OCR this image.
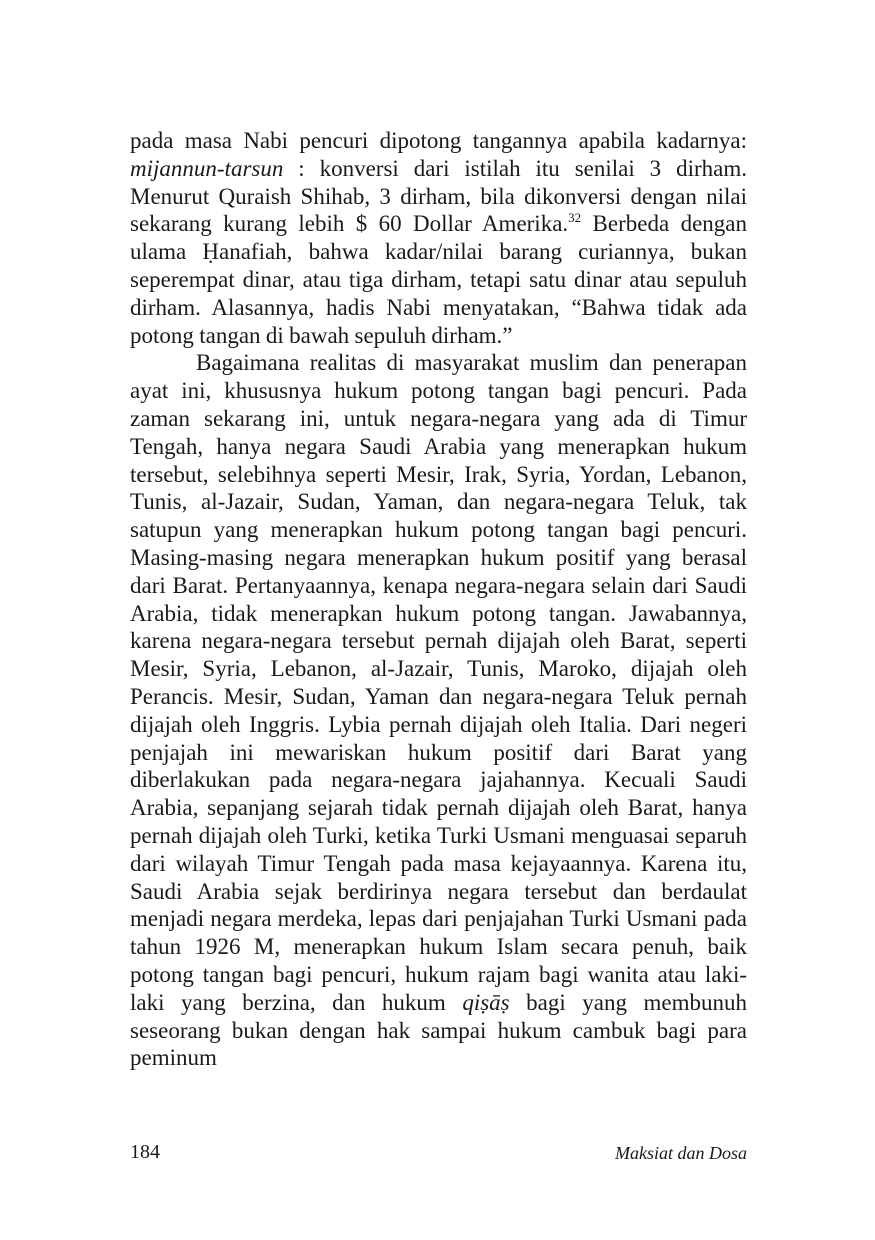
pada masa Nabi pencuri dipotong tangannya apabila kadarnya: mijannun-tarsun : konversi dari istilah itu senilai 3 dirham. Menurut Quraish Shihab, 3 dirham, bila dikonversi dengan nilai sekarang kurang lebih $ 60 Dollar Amerika.$^{32}$ Berbeda dengan ulama Ḥanafiah, bahwa kadar/nilai barang curiannya, bukan seperempat dinar, atau tiga dirham, tetapi satu dinar atau sepuluh dirham. Alasannya, hadis Nabi menyatakan, “Bahwa tidak ada potong tangan di bawah sepuluh dirham.”

Bagaimana realitas di masyarakat muslim dan penerapan ayat ini, khususnya hukum potong tangan bagi pencuri. Pada zaman sekarang ini, untuk negara-negara yang ada di Timur Tengah, hanya negara Saudi Arabia yang menerapkan hukum tersebut, selebihnya seperti Mesir, Irak, Syria, Yordan, Lebanon, Tunis, al-Jazair, Sudan, Yaman, dan negara-negara Teluk, tak satupun yang menerapkan hukum potong tangan bagi pencuri. Masing-masing negara menerapkan hukum positif yang berasal dari Barat. Pertanyaannya, kenapa negara-negara selain dari Saudi Arabia, tidak menerapkan hukum potong tangan. Jawabannya, karena negara-negara tersebut pernah dijajah oleh Barat, seperti Mesir, Syria, Lebanon, al-Jazair, Tunis, Maroko, dijajah oleh Perancis. Mesir, Sudan, Yaman dan negara-negara Teluk pernah dijajah oleh Inggris. Lybia pernah dijajah oleh Italia. Dari negeri penjajah ini mewariskan hukum positif dari Barat yang diberlakukan pada negara-negara jajahannya. Kecuali Saudi Arabia, sepanjang sejarah tidak pernah dijajah oleh Barat, hanya pernah dijajah oleh Turki, ketika Turki Usmani menguasai separuh dari wilayah Timur Tengah pada masa kejayaannya. Karena itu, Saudi Arabia sejak berdirinya negara tersebut dan berdaulat menjadi negara merdeka, lepas dari penjajahan Turki Usmani pada tahun 1926 M, menerapkan hukum Islam secara penuh, baik potong tangan bagi pencuri, hukum rajam bagi wanita atau laki-laki yang berzina, dan hukum qiṣāṣ bagi yang membunuh seseorang bukan dengan hak sampai hukum cambuk bagi para peminum

184	Maksiat dan Dosa
